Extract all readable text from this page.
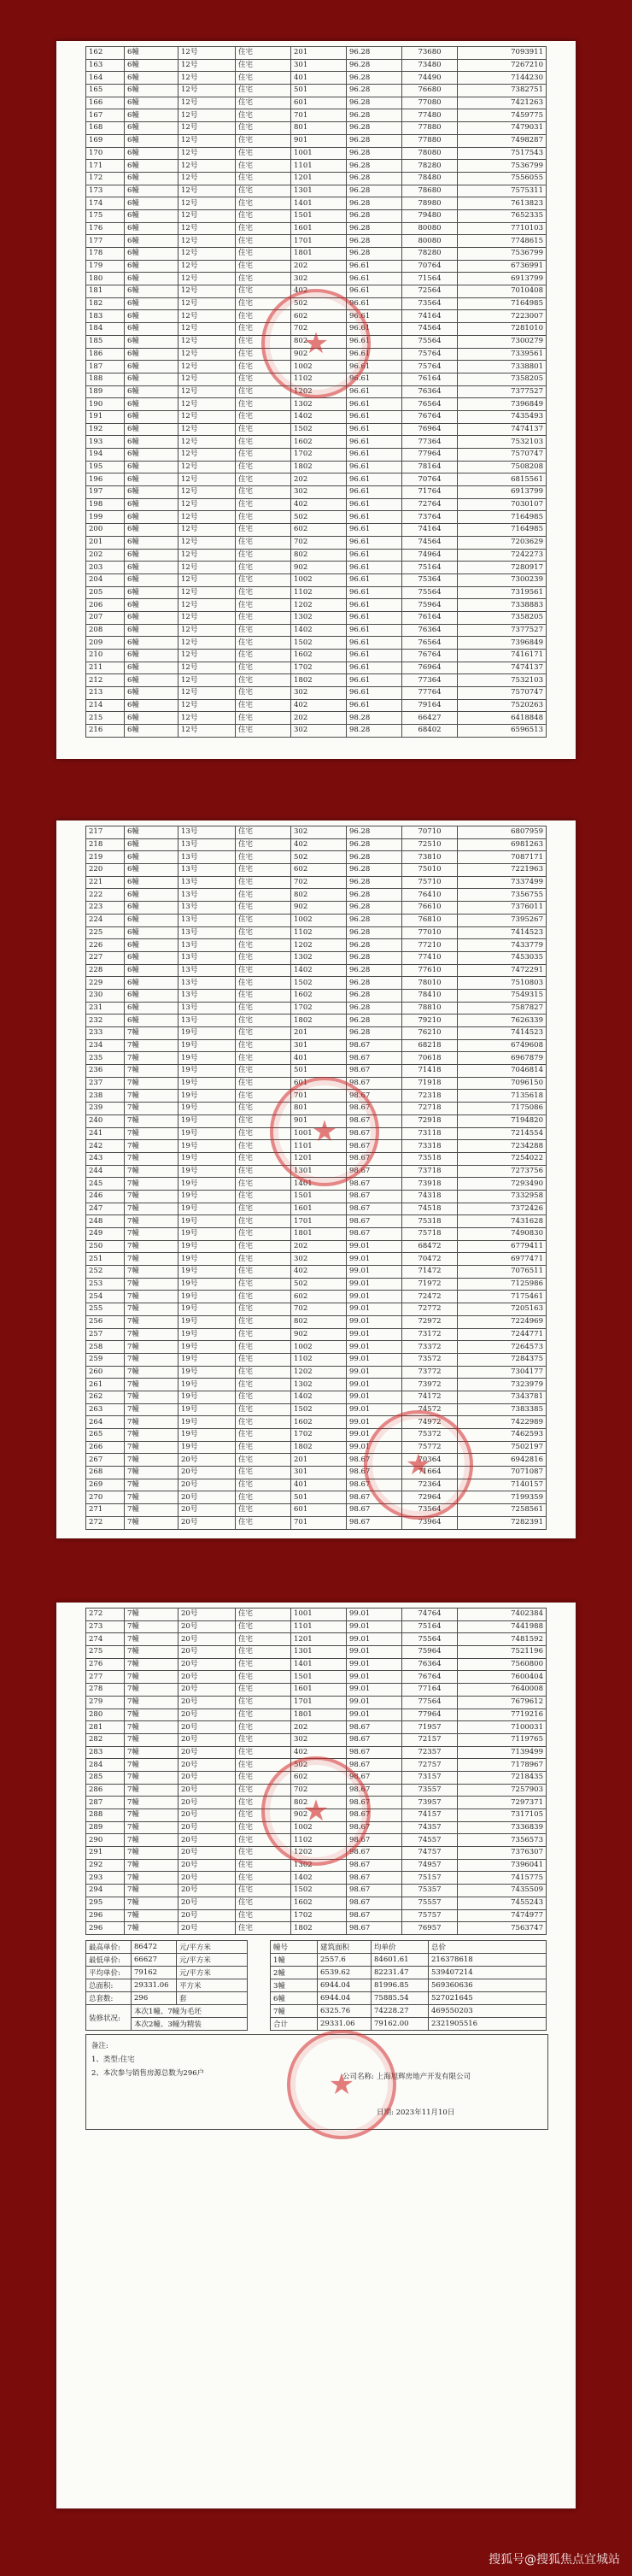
162	6幢	12号	住宅	201	96.28	73680	7093911
163	6幢	12号	住宅	301	96.28	73480	7267210
164	6幢	12号	住宅	401	96.28	74490	7144230
165	6幢	12号	住宅	501	96.28	76680	7382751
166	6幢	12号	住宅	601	96.28	77080	7421263
167	6幢	12号	住宅	701	96.28	77480	7459775
168	6幢	12号	住宅	801	96.28	77880	7479031
169	6幢	12号	住宅	901	96.28	77880	7498287
170	6幢	12号	住宅	1001	96.28	78080	7517543
171	6幢	12号	住宅	1101	96.28	78280	7536799
172	6幢	12号	住宅	1201	96.28	78480	7556055
173	6幢	12号	住宅	1301	96.28	78680	7575311
174	6幢	12号	住宅	1401	96.28	78980	7613823
175	6幢	12号	住宅	1501	96.28	79480	7652335
176	6幢	12号	住宅	1601	96.28	80080	7710103
177	6幢	12号	住宅	1701	96.28	80080	7748615
178	6幢	12号	住宅	1801	96.28	78280	7536799
179	6幢	12号	住宅	202	96.61	70764	6736991
180	6幢	12号	住宅	302	96.61	71564	6913799
181	6幢	12号	住宅	402	96.61	72564	7010408
182	6幢	12号	住宅	502	96.61	73564	7164985
183	6幢	12号	住宅	602	96.61	74164	7223007
184	6幢	12号	住宅	702	96.61	74564	7281010
185	6幢	12号	住宅	802	96.61	75564	7300279
186	6幢	12号	住宅	902	96.61	75764	7339561
187	6幢	12号	住宅	1002	96.61	75764	7338801
188	6幢	12号	住宅	1102	96.61	76164	7358205
189	6幢	12号	住宅	1202	96.61	76364	7377527
190	6幢	12号	住宅	1302	96.61	76564	7396849
191	6幢	12号	住宅	1402	96.61	76764	7435493
192	6幢	12号	住宅	1502	96.61	76964	7474137
193	6幢	12号	住宅	1602	96.61	77364	7532103
194	6幢	12号	住宅	1702	96.61	77964	7570747
195	6幢	12号	住宅	1802	96.61	78164	7508208
196	6幢	12号	住宅	202	96.61	70764	6815561
197	6幢	12号	住宅	302	96.61	71764	6913799
198	6幢	12号	住宅	402	96.61	72764	7030107
199	6幢	12号	住宅	502	96.61	73764	7164985
200	6幢	12号	住宅	602	96.61	74164	7164985
201	6幢	12号	住宅	702	96.61	74564	7203629
202	6幢	12号	住宅	802	96.61	74964	7242273
203	6幢	12号	住宅	902	96.61	75164	7280917
204	6幢	12号	住宅	1002	96.61	75364	7300239
205	6幢	12号	住宅	1102	96.61	75564	7319561
206	6幢	12号	住宅	1202	96.61	75964	7338883
207	6幢	12号	住宅	1302	96.61	76164	7358205
208	6幢	12号	住宅	1402	96.61	76364	7377527
209	6幢	12号	住宅	1502	96.61	76564	7396849
210	6幢	12号	住宅	1602	96.61	76764	7416171
211	6幢	12号	住宅	1702	96.61	76964	7474137
212	6幢	12号	住宅	1802	96.61	77364	7532103
213	6幢	12号	住宅	302	96.61	77764	7570747
214	6幢	12号	住宅	402	96.61	79164	7520263
215	6幢	12号	住宅	202	98.28	66427	6418848
216	6幢	12号	住宅	302	98.28	68402	6596513
★
217	6幢	13号	住宅	302	96.28	70710	6807959
218	6幢	13号	住宅	402	96.28	72510	6981263
219	6幢	13号	住宅	502	96.28	73810	7087171
220	6幢	13号	住宅	602	96.28	75010	7221963
221	6幢	13号	住宅	702	96.28	75710	7337499
222	6幢	13号	住宅	802	96.28	76410	7356755
223	6幢	13号	住宅	902	96.28	76610	7376011
224	6幢	13号	住宅	1002	96.28	76810	7395267
225	6幢	13号	住宅	1102	96.28	77010	7414523
226	6幢	13号	住宅	1202	96.28	77210	7433779
227	6幢	13号	住宅	1302	96.28	77410	7453035
228	6幢	13号	住宅	1402	96.28	77610	7472291
229	6幢	13号	住宅	1502	96.28	78010	7510803
230	6幢	13号	住宅	1602	96.28	78410	7549315
231	6幢	13号	住宅	1702	96.28	78810	7587827
232	6幢	13号	住宅	1802	96.28	79210	7626339
233	7幢	19号	住宅	201	96.28	76210	7414523
234	7幢	19号	住宅	301	98.67	68218	6749608
235	7幢	19号	住宅	401	98.67	70618	6967879
236	7幢	19号	住宅	501	98.67	71418	7046814
237	7幢	19号	住宅	601	98.67	71918	7096150
238	7幢	19号	住宅	701	98.67	72318	7135618
239	7幢	19号	住宅	801	98.67	72718	7175086
240	7幢	19号	住宅	901	98.67	72918	7194820
241	7幢	19号	住宅	1001	98.67	73118	7214554
242	7幢	19号	住宅	1101	98.67	73318	7234288
243	7幢	19号	住宅	1201	98.67	73518	7254022
244	7幢	19号	住宅	1301	98.67	73718	7273756
245	7幢	19号	住宅	1401	98.67	73918	7293490
246	7幢	19号	住宅	1501	98.67	74318	7332958
247	7幢	19号	住宅	1601	98.67	74518	7372426
248	7幢	19号	住宅	1701	98.67	75318	7431628
249	7幢	19号	住宅	1801	98.67	75718	7490830
250	7幢	19号	住宅	202	99.01	68472	6779411
251	7幢	19号	住宅	302	99.01	70472	6977471
252	7幢	19号	住宅	402	99.01	71472	7076511
253	7幢	19号	住宅	502	99.01	71972	7125986
254	7幢	19号	住宅	602	99.01	72472	7175461
255	7幢	19号	住宅	702	99.01	72772	7205163
256	7幢	19号	住宅	802	99.01	72972	7224969
257	7幢	19号	住宅	902	99.01	73172	7244771
258	7幢	19号	住宅	1002	99.01	73372	7264573
259	7幢	19号	住宅	1102	99.01	73572	7284375
260	7幢	19号	住宅	1202	99.01	73772	7304177
261	7幢	19号	住宅	1302	99.01	73972	7323979
262	7幢	19号	住宅	1402	99.01	74172	7343781
263	7幢	19号	住宅	1502	99.01	74572	7383385
264	7幢	19号	住宅	1602	99.01	74972	7422989
265	7幢	19号	住宅	1702	99.01	75372	7462593
266	7幢	19号	住宅	1802	99.01	75772	7502197
267	7幢	20号	住宅	201	98.67	70364	6942816
268	7幢	20号	住宅	301	98.67	71664	7071087
269	7幢	20号	住宅	401	98.67	72364	7140157
270	7幢	20号	住宅	501	98.67	72964	7199359
271	7幢	20号	住宅	601	98.67	73564	7258561
272	7幢	20号	住宅	701	98.67	73964	7282391
★
★
272	7幢	20号	住宅	1001	99.01	74764	7402384
273	7幢	20号	住宅	1101	99.01	75164	7441988
274	7幢	20号	住宅	1201	99.01	75564	7481592
275	7幢	20号	住宅	1301	99.01	75964	7521196
276	7幢	20号	住宅	1401	99.01	76364	7560800
277	7幢	20号	住宅	1501	99.01	76764	7600404
278	7幢	20号	住宅	1601	99.01	77164	7640008
279	7幢	20号	住宅	1701	99.01	77564	7679612
280	7幢	20号	住宅	1801	99.01	77964	7719216
281	7幢	20号	住宅	202	98.67	71957	7100031
282	7幢	20号	住宅	302	98.67	72157	7119765
283	7幢	20号	住宅	402	98.67	72357	7139499
284	7幢	20号	住宅	502	98.67	72757	7178967
285	7幢	20号	住宅	602	98.67	73157	7218435
286	7幢	20号	住宅	702	98.67	73557	7257903
287	7幢	20号	住宅	802	98.67	73957	7297371
288	7幢	20号	住宅	902	98.67	74157	7317105
289	7幢	20号	住宅	1002	98.67	74357	7336839
290	7幢	20号	住宅	1102	98.67	74557	7356573
291	7幢	20号	住宅	1202	98.67	74757	7376307
292	7幢	20号	住宅	1302	98.67	74957	7396041
293	7幢	20号	住宅	1402	98.67	75157	7415775
294	7幢	20号	住宅	1502	98.67	75357	7435509
295	7幢	20号	住宅	1602	98.67	75557	7455243
296	7幢	20号	住宅	1702	98.67	75757	7474977
296	7幢	20号	住宅	1802	98.67	76957	7563747
★
最高单价:	86472	元/平方米		幢号	建筑面积	均单价	总价
最低单价:	66627	元/平方米		1幢	2557.6	84601.61	216378618
平均单价:	79162	元/平方米		2幢	6539.62	82231.47	539407214
总面积:	29331.06	平方米		3幢	6944.04	81996.85	569360636
总套数:	296	套		6幢	6944.04	75885.54	527021645
装修状况:	本次1幢、7幢为毛坯			7幢	6325.76	74228.27	469550203
	本次2幢、3幢为精装			合计	29331.06	79162.00	2321905516
备注:
1、类型:住宅
2、本次参与销售房源总数为296户	公司名称: 上海旭辉房地产开发有限公司
日期: 2023年11月10日
★
搜狐号@搜狐焦点宜城站
